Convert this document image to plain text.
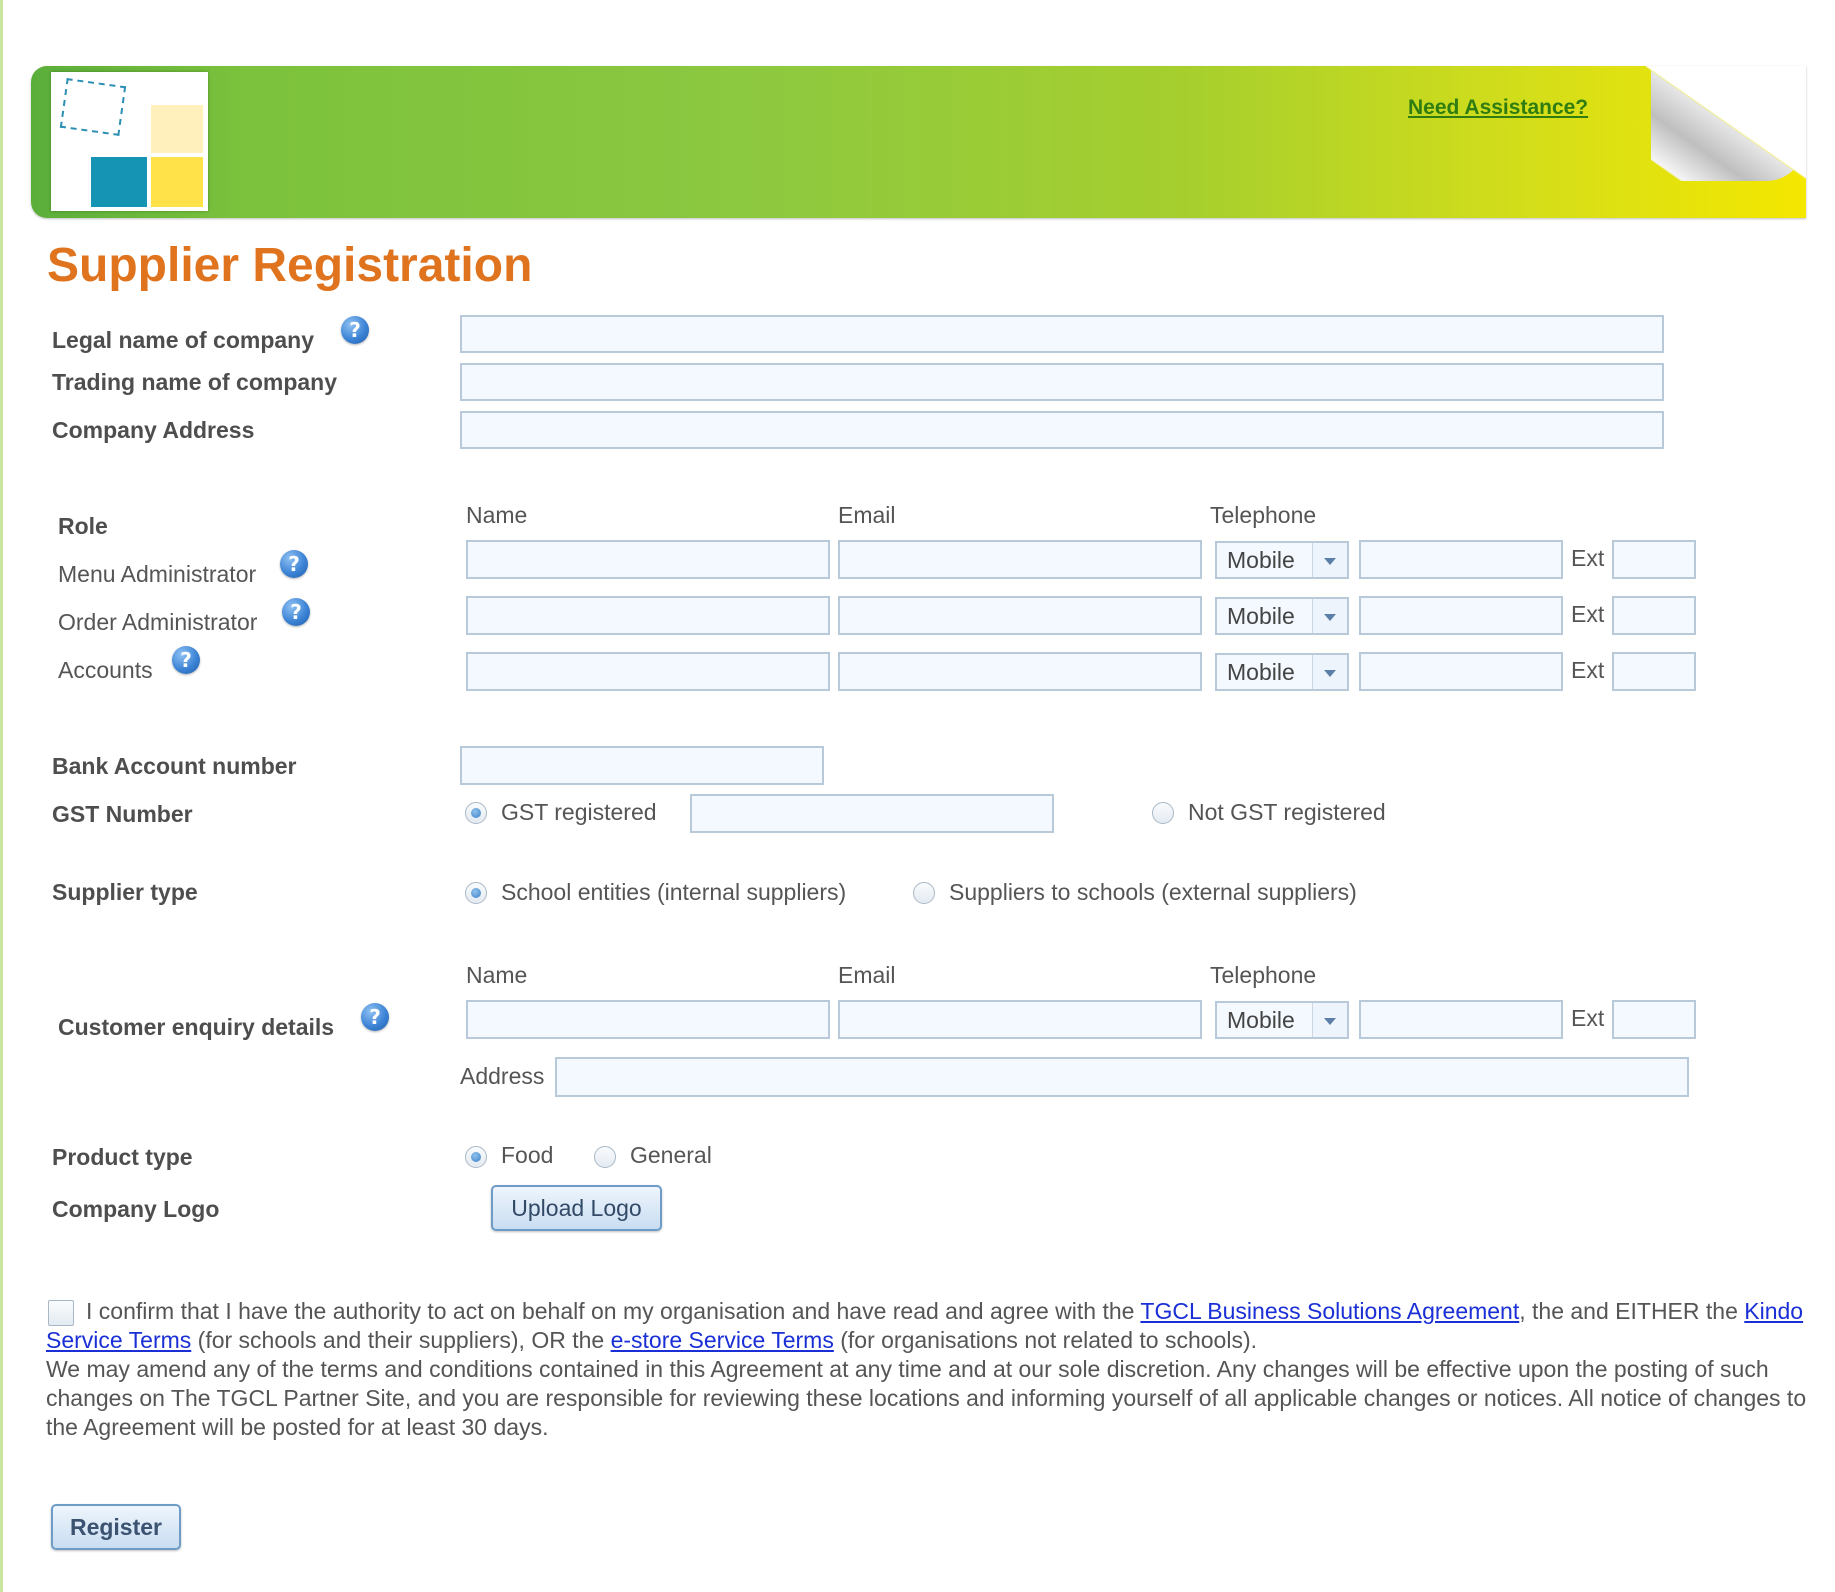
Need Assistance?
Supplier Registration
Legal name of company	?
Trading name of company
Company Address
Role	Name	Email	Telephone
Menu Administrator	?	Mobile	Ext
Order Administrator	?	Mobile	Ext
Accounts	?	Mobile	Ext
Bank Account number
GST Number	GST registered	Not GST registered
Supplier type	School entities (internal suppliers)	Suppliers to schools (external suppliers)
Name	Email	Telephone
Customer enquiry details	?	Mobile	Ext
Address
Product type	Food	General
Company Logo	Upload Logo
I confirm that I have the authority to act on behalf on my organisation and have read and agree with the TGCL Business Solutions Agreement, the and EITHER the Kindo Service Terms (for schools and their suppliers), OR the e-store Service Terms (for organisations not related to schools).
We may amend any of the terms and conditions contained in this Agreement at any time and at our sole discretion. Any changes will be effective upon the posting of such changes on The TGCL Partner Site, and you are responsible for reviewing these locations and informing yourself of all applicable changes or notices. All notice of changes to the Agreement will be posted for at least 30 days.
Register
